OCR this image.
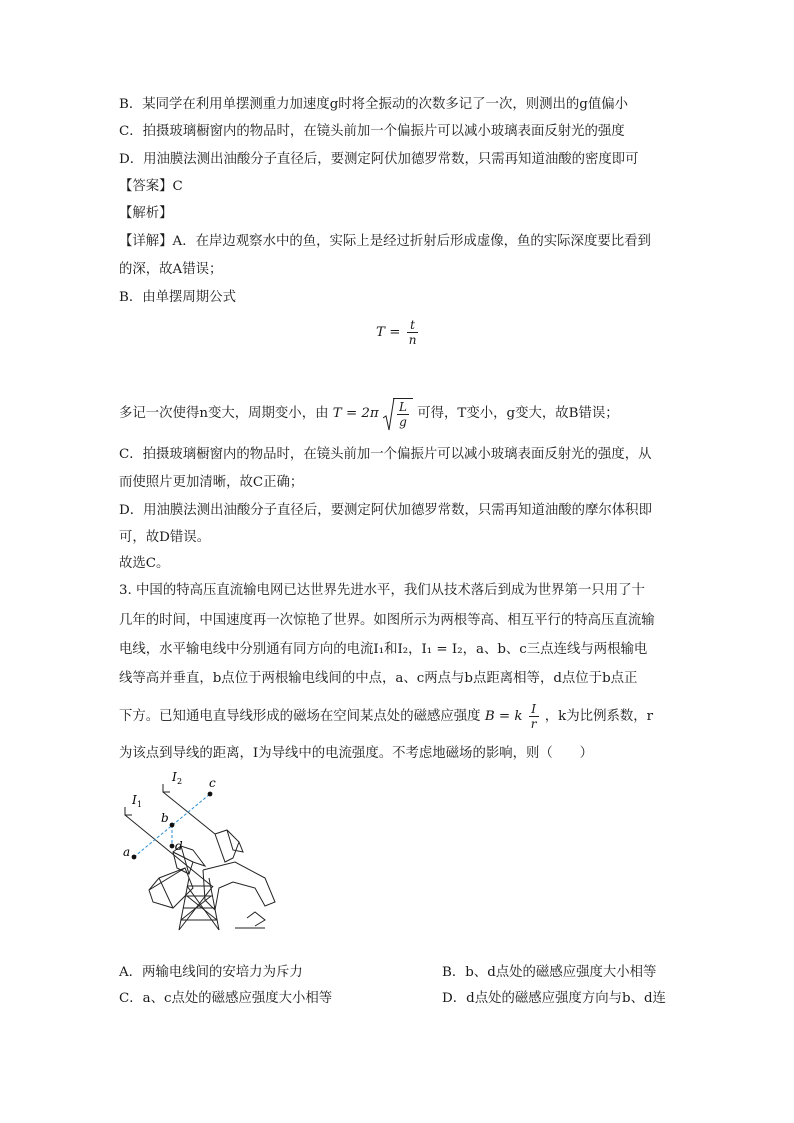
B．某同学在利用单摆测重力加速度g时将全振动的次数多记了一次，则测出的g值偏小
C．拍摄玻璃橱窗内的物品时，在镜头前加一个偏振片可以减小玻璃表面反射光的强度
D．用油膜法测出油酸分子直径后，要测定阿伏加德罗常数，只需再知道油酸的密度即可
【答案】C
【解析】
【详解】A．在岸边观察水中的鱼，实际上是经过折射后形成虚像，鱼的实际深度要比看到
的深，故A错误；
B．由单摆周期公式
$T = \frac{t}{n}$
多记一次使得n变大，周期变小，由 $T = 2\pi \frac{L}{g}$ 可得，T变小，g变大，故B错误；
C．拍摄玻璃橱窗内的物品时，在镜头前加一个偏振片可以减小玻璃表面反射光的强度，从
而使照片更加清晰，故C正确；
D．用油膜法测出油酸分子直径后，要测定阿伏加德罗常数，只需再知道油酸的摩尔体积即
可，故D错误。
故选C。
3. 中国的特高压直流输电网已达世界先进水平，我们从技术落后到成为世界第一只用了十
几年的时间，中国速度再一次惊艳了世界。如图所示为两根等高、相互平行的特高压直流输
电线，水平输电线中分别通有同方向的电流I₁和I₂，I₁ = I₂，a、b、c三点连线与两根输电
线等高并垂直，b点位于两根输电线间的中点，a、c两点与b点距离相等，d点位于b点正
下方。已知通电直导线形成的磁场在空间某点处的磁感应强度 B = k $\frac{I}{r}$ ，k为比例系数，r
为该点到导线的距离，I为导线中的电流强度。不考虑地磁场的影响，则（　　）
I 1
I 2
a
b
c
d
A．两输电线间的安培力为斥力	B．b、d点处的磁感应强度大小相等
C．a、c点处的磁感应强度大小相等	D．d点处的磁感应强度方向与b、d连
